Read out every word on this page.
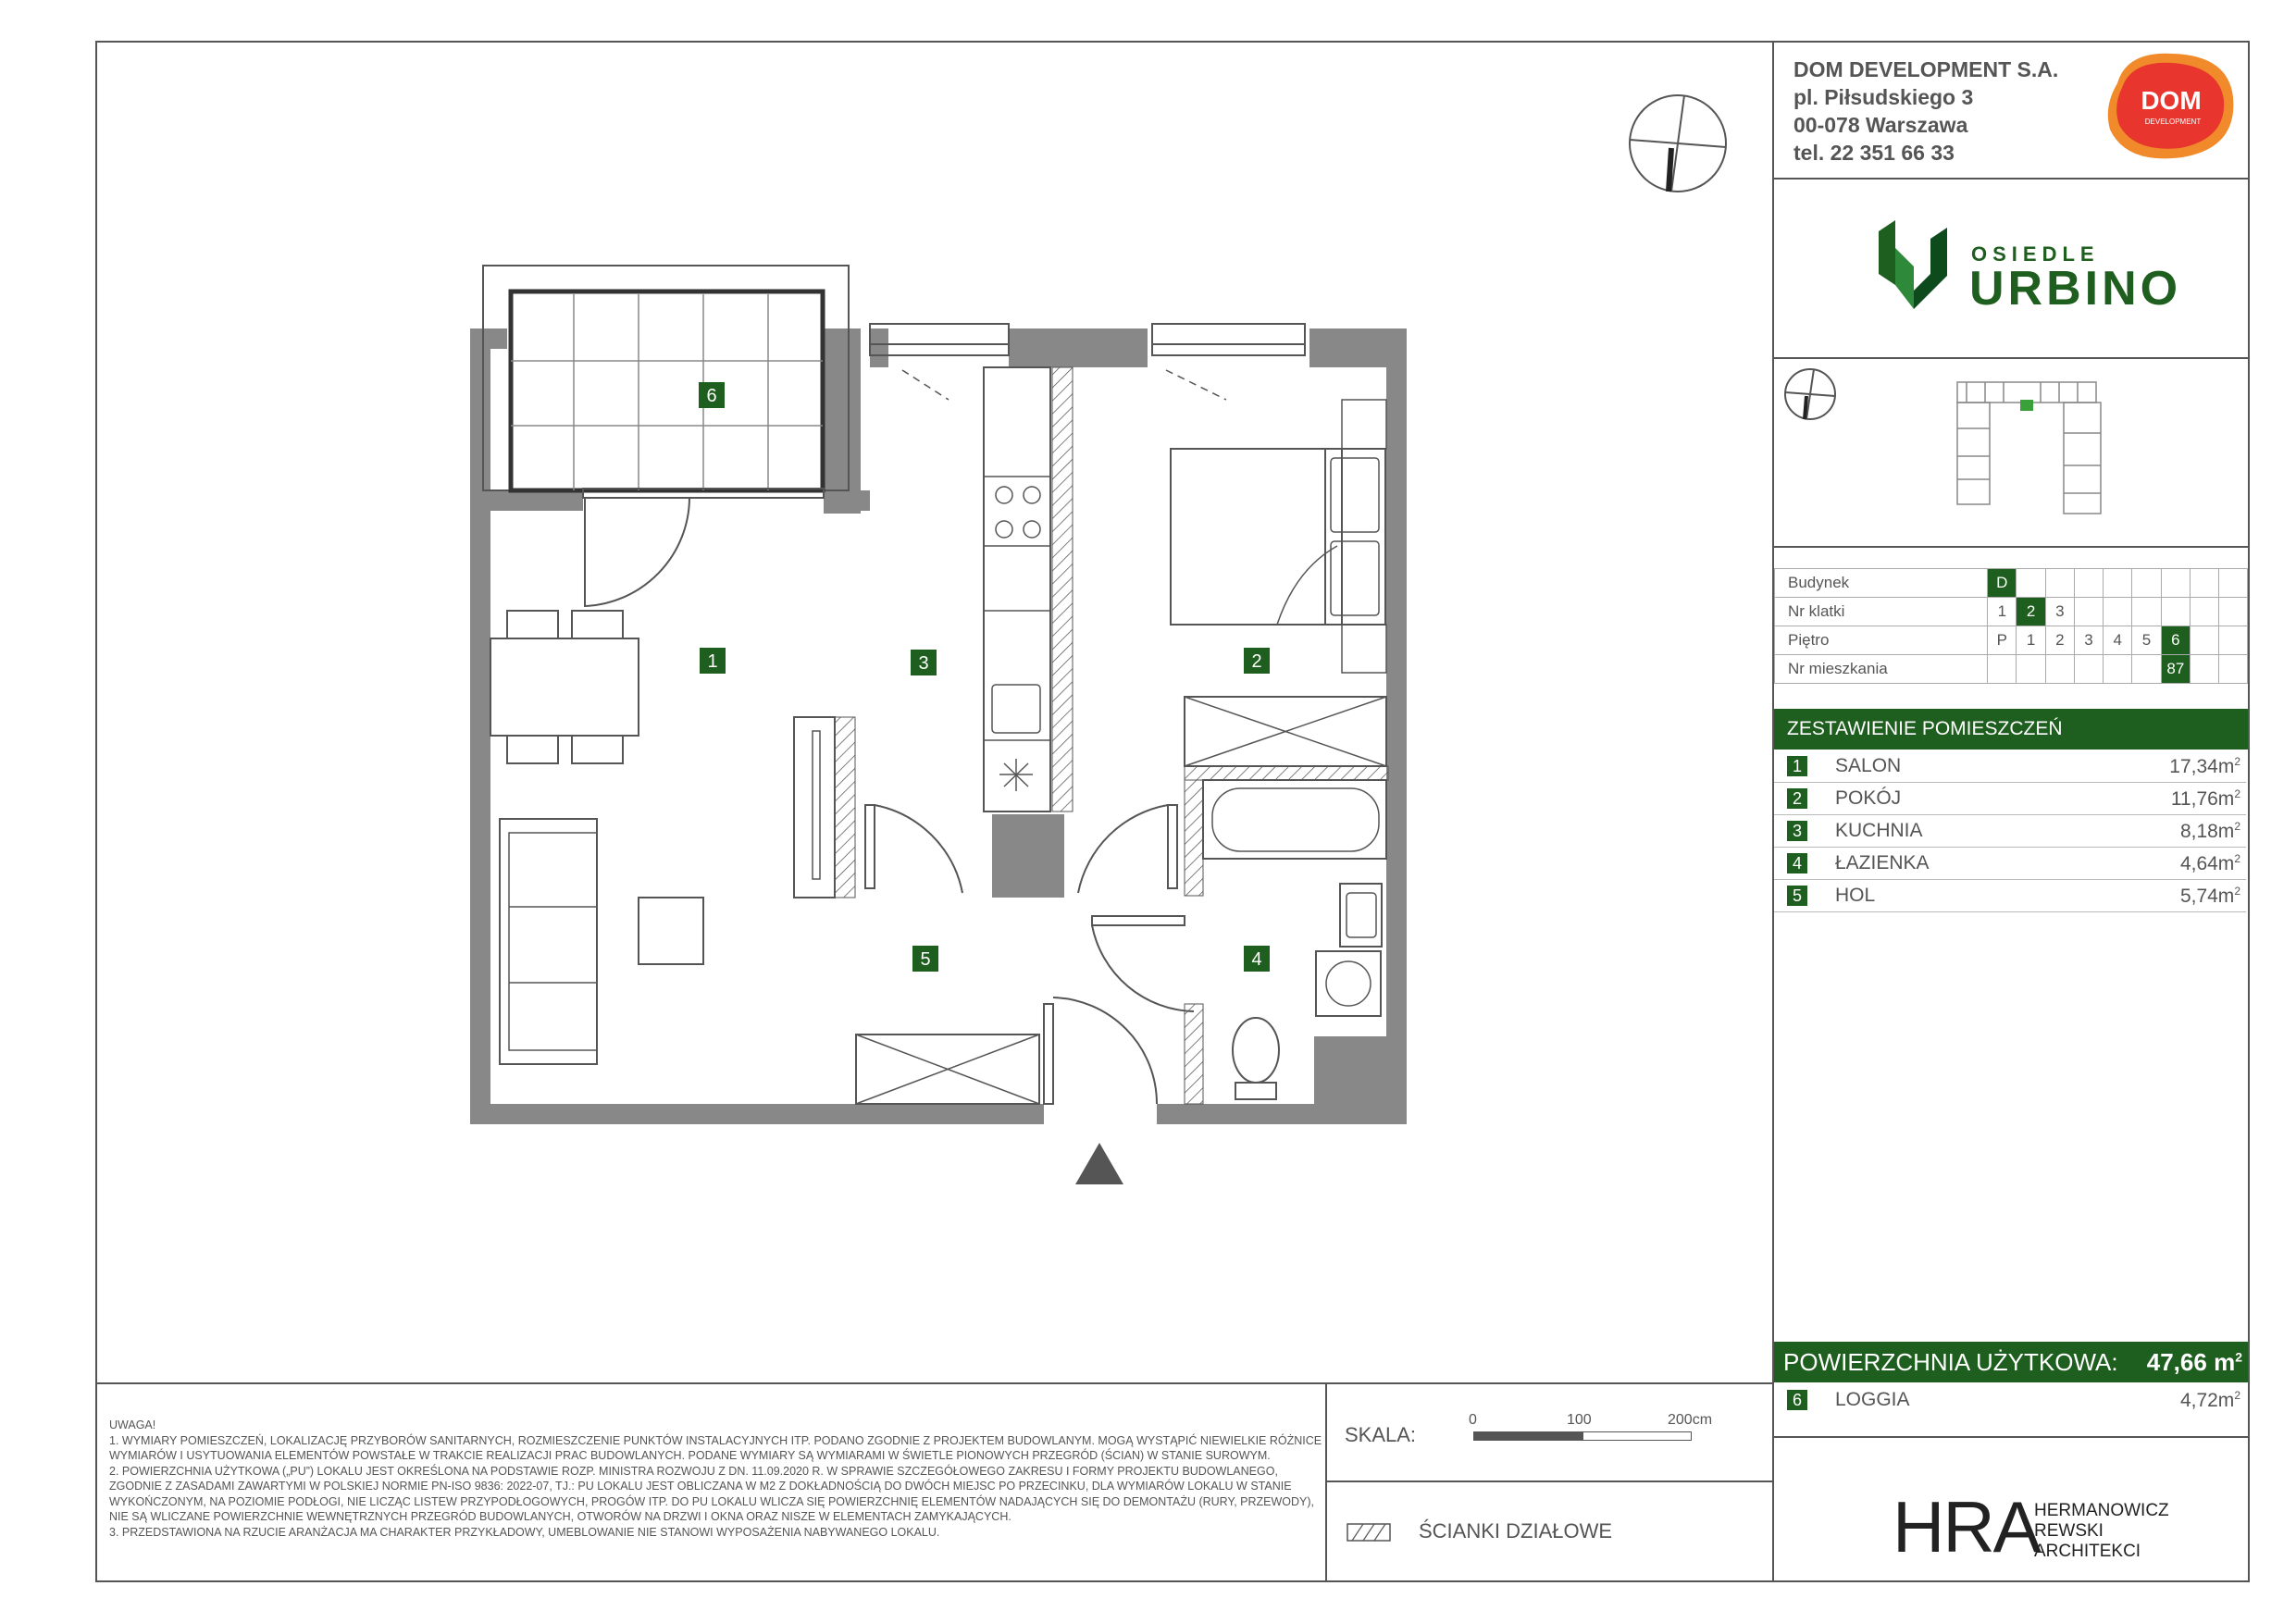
DOM DEVELOPMENT S.A.
pl. Piłsudskiego 3
00-078 Warszawa
tel. 22 351 66 33
DOM
DEVELOPMENT
OSIEDLE
URBINO
Budynek	D								
Nr klatki	1	2	3						
Piętro	P	1	2	3	4	5	6		
Nr mieszkania							87		
ZESTAWIENIE POMIESZCZEŃ
1 SALON	$17,34m^2$
2 POKÓJ	$11,76m^2$
3 KUCHNIA	$8,18m^2$
4 ŁAZIENKA	$4,64m^2$
5 HOL	$5,74m^2$
POWIERZCHNIA UŻYTKOWA:	47,66 $m^2$
6 LOGGIA	$4,72m^2$
HRA
HERMANOWICZ
REWSKI
ARCHITEKCI
SKALA:
0	100	200cm
ŚCIANKI DZIAŁOWE
UWAGA!
1. WYMIARY POMIESZCZEŃ, LOKALIZACJĘ PRZYBORÓW SANITARNYCH, ROZMIESZCZENIE PUNKTÓW INSTALACYJNYCH ITP. PODANO ZGODNIE Z PROJEKTEM BUDOWLANYM. MOGĄ WYSTĄPIĆ NIEWIELKIE RÓŻNICE
WYMIARÓW I USYTUOWANIA ELEMENTÓW POWSTAŁE W TRAKCIE REALIZACJI PRAC BUDOWLANYCH. PODANE WYMIARY SĄ WYMIARAMI W ŚWIETLE PIONOWYCH PRZEGRÓD (ŚCIAN) W STANIE SUROWYM.
2. POWIERZCHNIA UŻYTKOWA („PU”) LOKALU JEST OKREŚLONA NA PODSTAWIE ROZP. MINISTRA ROZWOJU Z DN. 11.09.2020 R. W SPRAWIE SZCZEGÓŁOWEGO ZAKRESU I FORMY PROJEKTU BUDOWLANEGO,
ZGODNIE Z ZASADAMI ZAWARTYMI W POLSKIEJ NORMIE PN-ISO 9836: 2022-07, TJ.: PU LOKALU JEST OBLICZANA W M2 Z DOKŁADNOŚCIĄ DO DWÓCH MIEJSC PO PRZECINKU, DLA WYMIARÓW LOKALU W STANIE
WYKOŃCZONYM, NA POZIOMIE PODŁOGI, NIE LICZĄC LISTEW PRZYPODŁOGOWYCH, PROGÓW ITP. DO PU LOKALU WLICZA SIĘ POWIERZCHNIĘ ELEMENTÓW NADAJĄCYCH SIĘ DO DEMONTAŻU (RURY, PRZEWODY),
NIE SĄ WLICZANE POWIERZCHNIE WEWNĘTRZNYCH PRZEGRÓD BUDOWLANYCH, OTWORÓW NA DRZWI I OKNA ORAZ NISZE W ELEMENTACH ZAMYKAJĄCYCH.
3. PRZEDSTAWIONA NA RZUCIE ARANŻACJA MA CHARAKTER PRZYKŁADOWY, UMEBLOWANIE NIE STANOWI WYPOSAŻENIA NABYWANEGO LOKALU.
6
1	2
3
4
5
